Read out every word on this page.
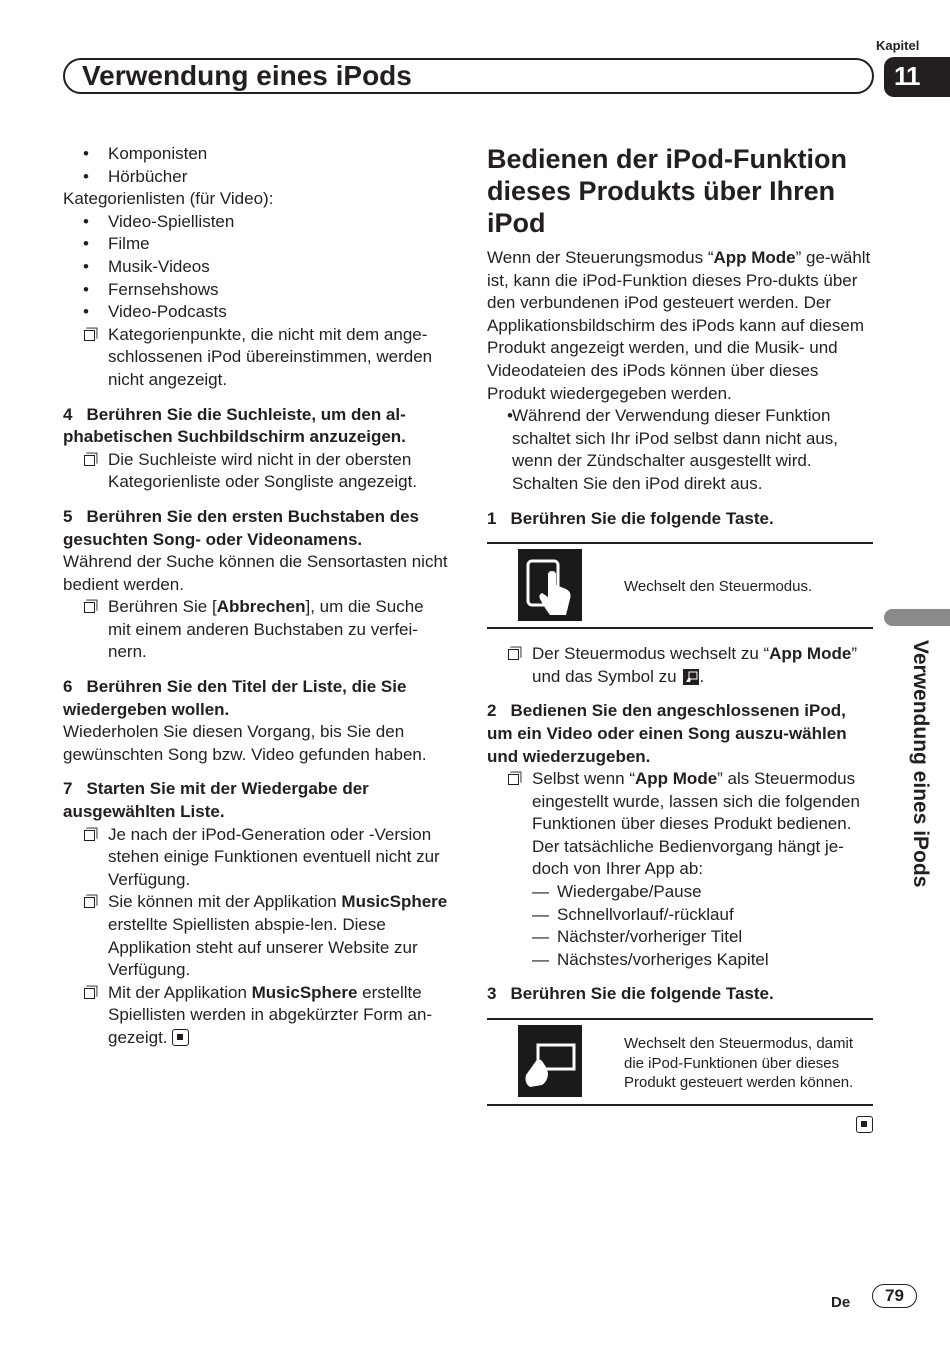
Kapitel
11
Verwendung eines iPods
Verwendung eines iPods
• Komponisten
• Hörbücher
Kategorienlisten (für Video):
• Video-Spiellisten
• Filme
• Musik-Videos
• Fernsehshows
• Video-Podcasts
Kategorienpunkte, die nicht mit dem ange-schlossenen iPod übereinstimmen, werden nicht angezeigt.
4 Berühren Sie die Suchleiste, um den al-phabetischen Suchbildschirm anzuzeigen.
Die Suchleiste wird nicht in der obersten Kategorienliste oder Songliste angezeigt.
5 Berühren Sie den ersten Buchstaben des gesuchten Song- oder Videonamens.
Während der Suche können die Sensortasten nicht bedient werden.
Berühren Sie [Abbrechen], um die Suche mit einem anderen Buchstaben zu verfei-nern.
6 Berühren Sie den Titel der Liste, die Sie wiedergeben wollen.
Wiederholen Sie diesen Vorgang, bis Sie den gewünschten Song bzw. Video gefunden haben.
7 Starten Sie mit der Wiedergabe der ausgewählten Liste.
Je nach der iPod-Generation oder -Version stehen einige Funktionen eventuell nicht zur Verfügung.
Sie können mit der Applikation MusicSphere erstellte Spiellisten abspie-len. Diese Applikation steht auf unserer Website zur Verfügung.
Mit der Applikation MusicSphere erstellte Spiellisten werden in abgekürzter Form an-gezeigt.
Bedienen der iPod-Funktion dieses Produkts über Ihren iPod
Wenn der Steuerungsmodus “App Mode” ge-wählt ist, kann die iPod-Funktion dieses Pro-dukts über den verbundenen iPod gesteuert werden. Der Applikationsbildschirm des iPods kann auf diesem Produkt angezeigt werden, und die Musik- und Videodateien des iPods können über dieses Produkt wiedergegeben werden.
• Während der Verwendung dieser Funktion schaltet sich Ihr iPod selbst dann nicht aus, wenn der Zündschalter ausgestellt wird. Schalten Sie den iPod direkt aus.
1 Berühren Sie die folgende Taste.
Wechselt den Steuermodus.
Der Steuermodus wechselt zu “App Mode” und das Symbol zu .
2 Bedienen Sie den angeschlossenen iPod, um ein Video oder einen Song auszu-wählen und wiederzugeben.
Selbst wenn “App Mode” als Steuermodus eingestellt wurde, lassen sich die folgenden Funktionen über dieses Produkt bedienen. Der tatsächliche Bedienvorgang hängt je-doch von Ihrer App ab:
— Wiedergabe/Pause
— Schnellvorlauf/-rücklauf
— Nächster/vorheriger Titel
— Nächstes/vorheriges Kapitel
3 Berühren Sie die folgende Taste.
Wechselt den Steuermodus, damit die iPod-Funktionen über dieses Produkt gesteuert werden können.
De	79
